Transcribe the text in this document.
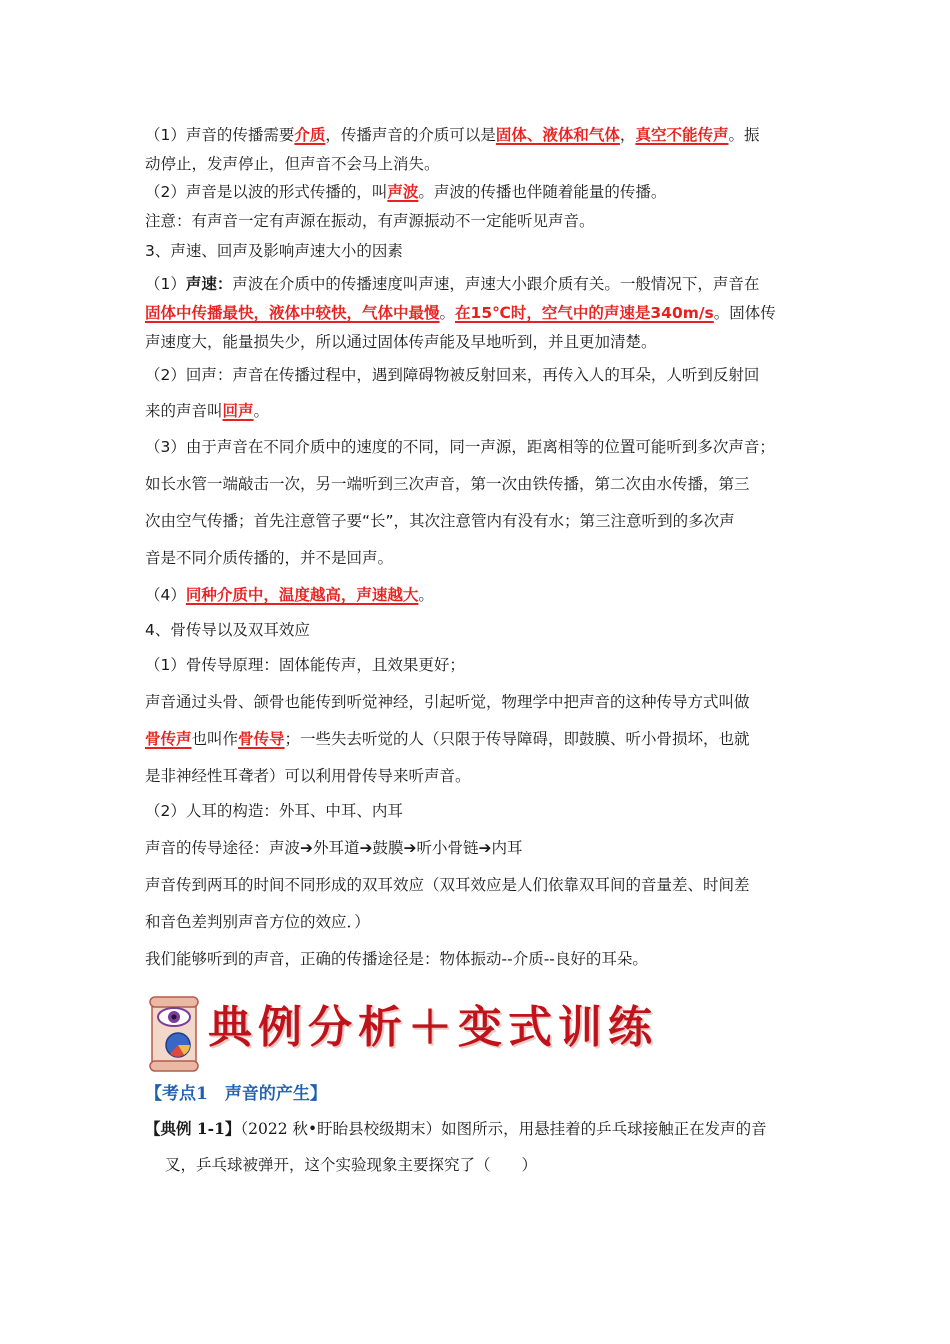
（1）声音的传播需要介质，传播声音的介质可以是固体、液体和气体，真空不能传声。振
动停止，发声停止，但声音不会马上消失。
（2）声音是以波的形式传播的，叫声波。声波的传播也伴随着能量的传播。
注意：有声音一定有声源在振动，有声源振动不一定能听见声音。
3、声速、回声及影响声速大小的因素
（1）声速：声波在介质中的传播速度叫声速，声速大小跟介质有关。一般情况下，声音在
固体中传播最快，液体中较快，气体中最慢。在15℃时，空气中的声速是340m/s。固体传
声速度大，能量损失少，所以通过固体传声能及早地听到，并且更加清楚。
（2）回声：声音在传播过程中，遇到障碍物被反射回来，再传入人的耳朵，人听到反射回
来的声音叫回声。
（3）由于声音在不同介质中的速度的不同，同一声源，距离相等的位置可能听到多次声音；
如长水管一端敲击一次，另一端听到三次声音，第一次由铁传播，第二次由水传播，第三
次由空气传播；首先注意管子要“长”，其次注意管内有没有水；第三注意听到的多次声
音是不同介质传播的，并不是回声。
（4）同种介质中，温度越高，声速越大。
4、骨传导以及双耳效应
（1）骨传导原理：固体能传声，且效果更好；
声音通过头骨、颌骨也能传到听觉神经，引起听觉，物理学中把声音的这种传导方式叫做
骨传声也叫作骨传导；一些失去听觉的人（只限于传导障碍，即鼓膜、听小骨损坏，也就
是非神经性耳聋者）可以利用骨传导来听声音。
（2）人耳的构造：外耳、中耳、内耳
声音的传导途径：声波➔外耳道➔鼓膜➔听小骨链➔内耳
声音传到两耳的时间不同形成的双耳效应（双耳效应是人们依靠双耳间的音量差、时间差
和音色差判别声音方位的效应．）
我们能够听到的声音，正确的传播途径是：物体振动--介质--良好的耳朵。
典例分析＋变式训练
【考点1　声音的产生】
【典例 1-1】（2022 秋•盱眙县校级期末）如图所示，用悬挂着的乒乓球接触正在发声的音
叉，乒乓球被弹开，这个实验现象主要探究了（　　）
